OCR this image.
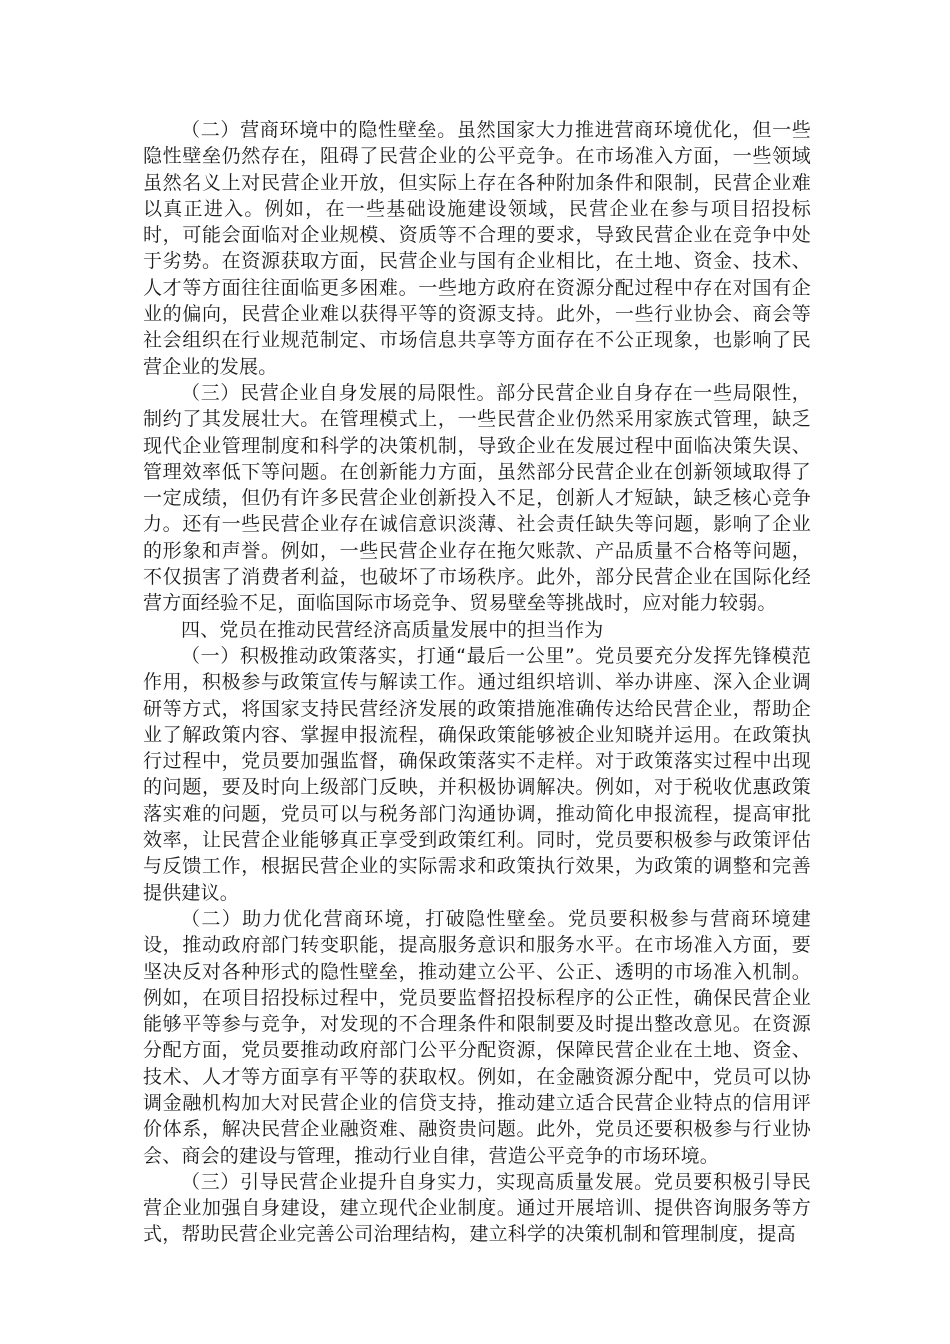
（二）营商环境中的隐性壁垒。虽然国家大力推进营商环境优化，但一些隐性壁垒仍然存在，阻碍了民营企业的公平竞争。在市场准入方面，一些领域虽然名义上对民营企业开放，但实际上存在各种附加条件和限制，民营企业难以真正进入。例如，在一些基础设施建设领域，民营企业在参与项目招投标时，可能会面临对企业规模、资质等不合理的要求，导致民营企业在竞争中处于劣势。在资源获取方面，民营企业与国有企业相比，在土地、资金、技术、人才等方面往往面临更多困难。一些地方政府在资源分配过程中存在对国有企业的偏向，民营企业难以获得平等的资源支持。此外，一些行业协会、商会等社会组织在行业规范制定、市场信息共享等方面存在不公正现象，也影响了民营企业的发展。

（三）民营企业自身发展的局限性。部分民营企业自身存在一些局限性，制约了其发展壮大。在管理模式上，一些民营企业仍然采用家族式管理，缺乏现代企业管理制度和科学的决策机制，导致企业在发展过程中面临决策失误、管理效率低下等问题。在创新能力方面，虽然部分民营企业在创新领域取得了一定成绩，但仍有许多民营企业创新投入不足，创新人才短缺，缺乏核心竞争力。还有一些民营企业存在诚信意识淡薄、社会责任缺失等问题，影响了企业的形象和声誉。例如，一些民营企业存在拖欠账款、产品质量不合格等问题，不仅损害了消费者利益，也破坏了市场秩序。此外，部分民营企业在国际化经营方面经验不足，面临国际市场竞争、贸易壁垒等挑战时，应对能力较弱。

四、党员在推动民营经济高质量发展中的担当作为

（一）积极推动政策落实，打通“最后一公里”。党员要充分发挥先锋模范作用，积极参与政策宣传与解读工作。通过组织培训、举办讲座、深入企业调研等方式，将国家支持民营经济发展的政策措施准确传达给民营企业，帮助企业了解政策内容、掌握申报流程，确保政策能够被企业知晓并运用。在政策执行过程中，党员要加强监督，确保政策落实不走样。对于政策落实过程中出现的问题，要及时向上级部门反映，并积极协调解决。例如，对于税收优惠政策落实难的问题，党员可以与税务部门沟通协调，推动简化申报流程，提高审批效率，让民营企业能够真正享受到政策红利。同时，党员要积极参与政策评估与反馈工作，根据民营企业的实际需求和政策执行效果，为政策的调整和完善提供建议。

（二）助力优化营商环境，打破隐性壁垒。党员要积极参与营商环境建设，推动政府部门转变职能，提高服务意识和服务水平。在市场准入方面，要坚决反对各种形式的隐性壁垒，推动建立公平、公正、透明的市场准入机制。例如，在项目招投标过程中，党员要监督招投标程序的公正性，确保民营企业能够平等参与竞争，对发现的不合理条件和限制要及时提出整改意见。在资源分配方面，党员要推动政府部门公平分配资源，保障民营企业在土地、资金、技术、人才等方面享有平等的获取权。例如，在金融资源分配中，党员可以协调金融机构加大对民营企业的信贷支持，推动建立适合民营企业特点的信用评价体系，解决民营企业融资难、融资贵问题。此外，党员还要积极参与行业协会、商会的建设与管理，推动行业自律，营造公平竞争的市场环境。

（三）引导民营企业提升自身实力，实现高质量发展。党员要积极引导民营企业加强自身建设，建立现代企业制度。通过开展培训、提供咨询服务等方式，帮助民营企业完善公司治理结构，建立科学的决策机制和管理制度，提高
